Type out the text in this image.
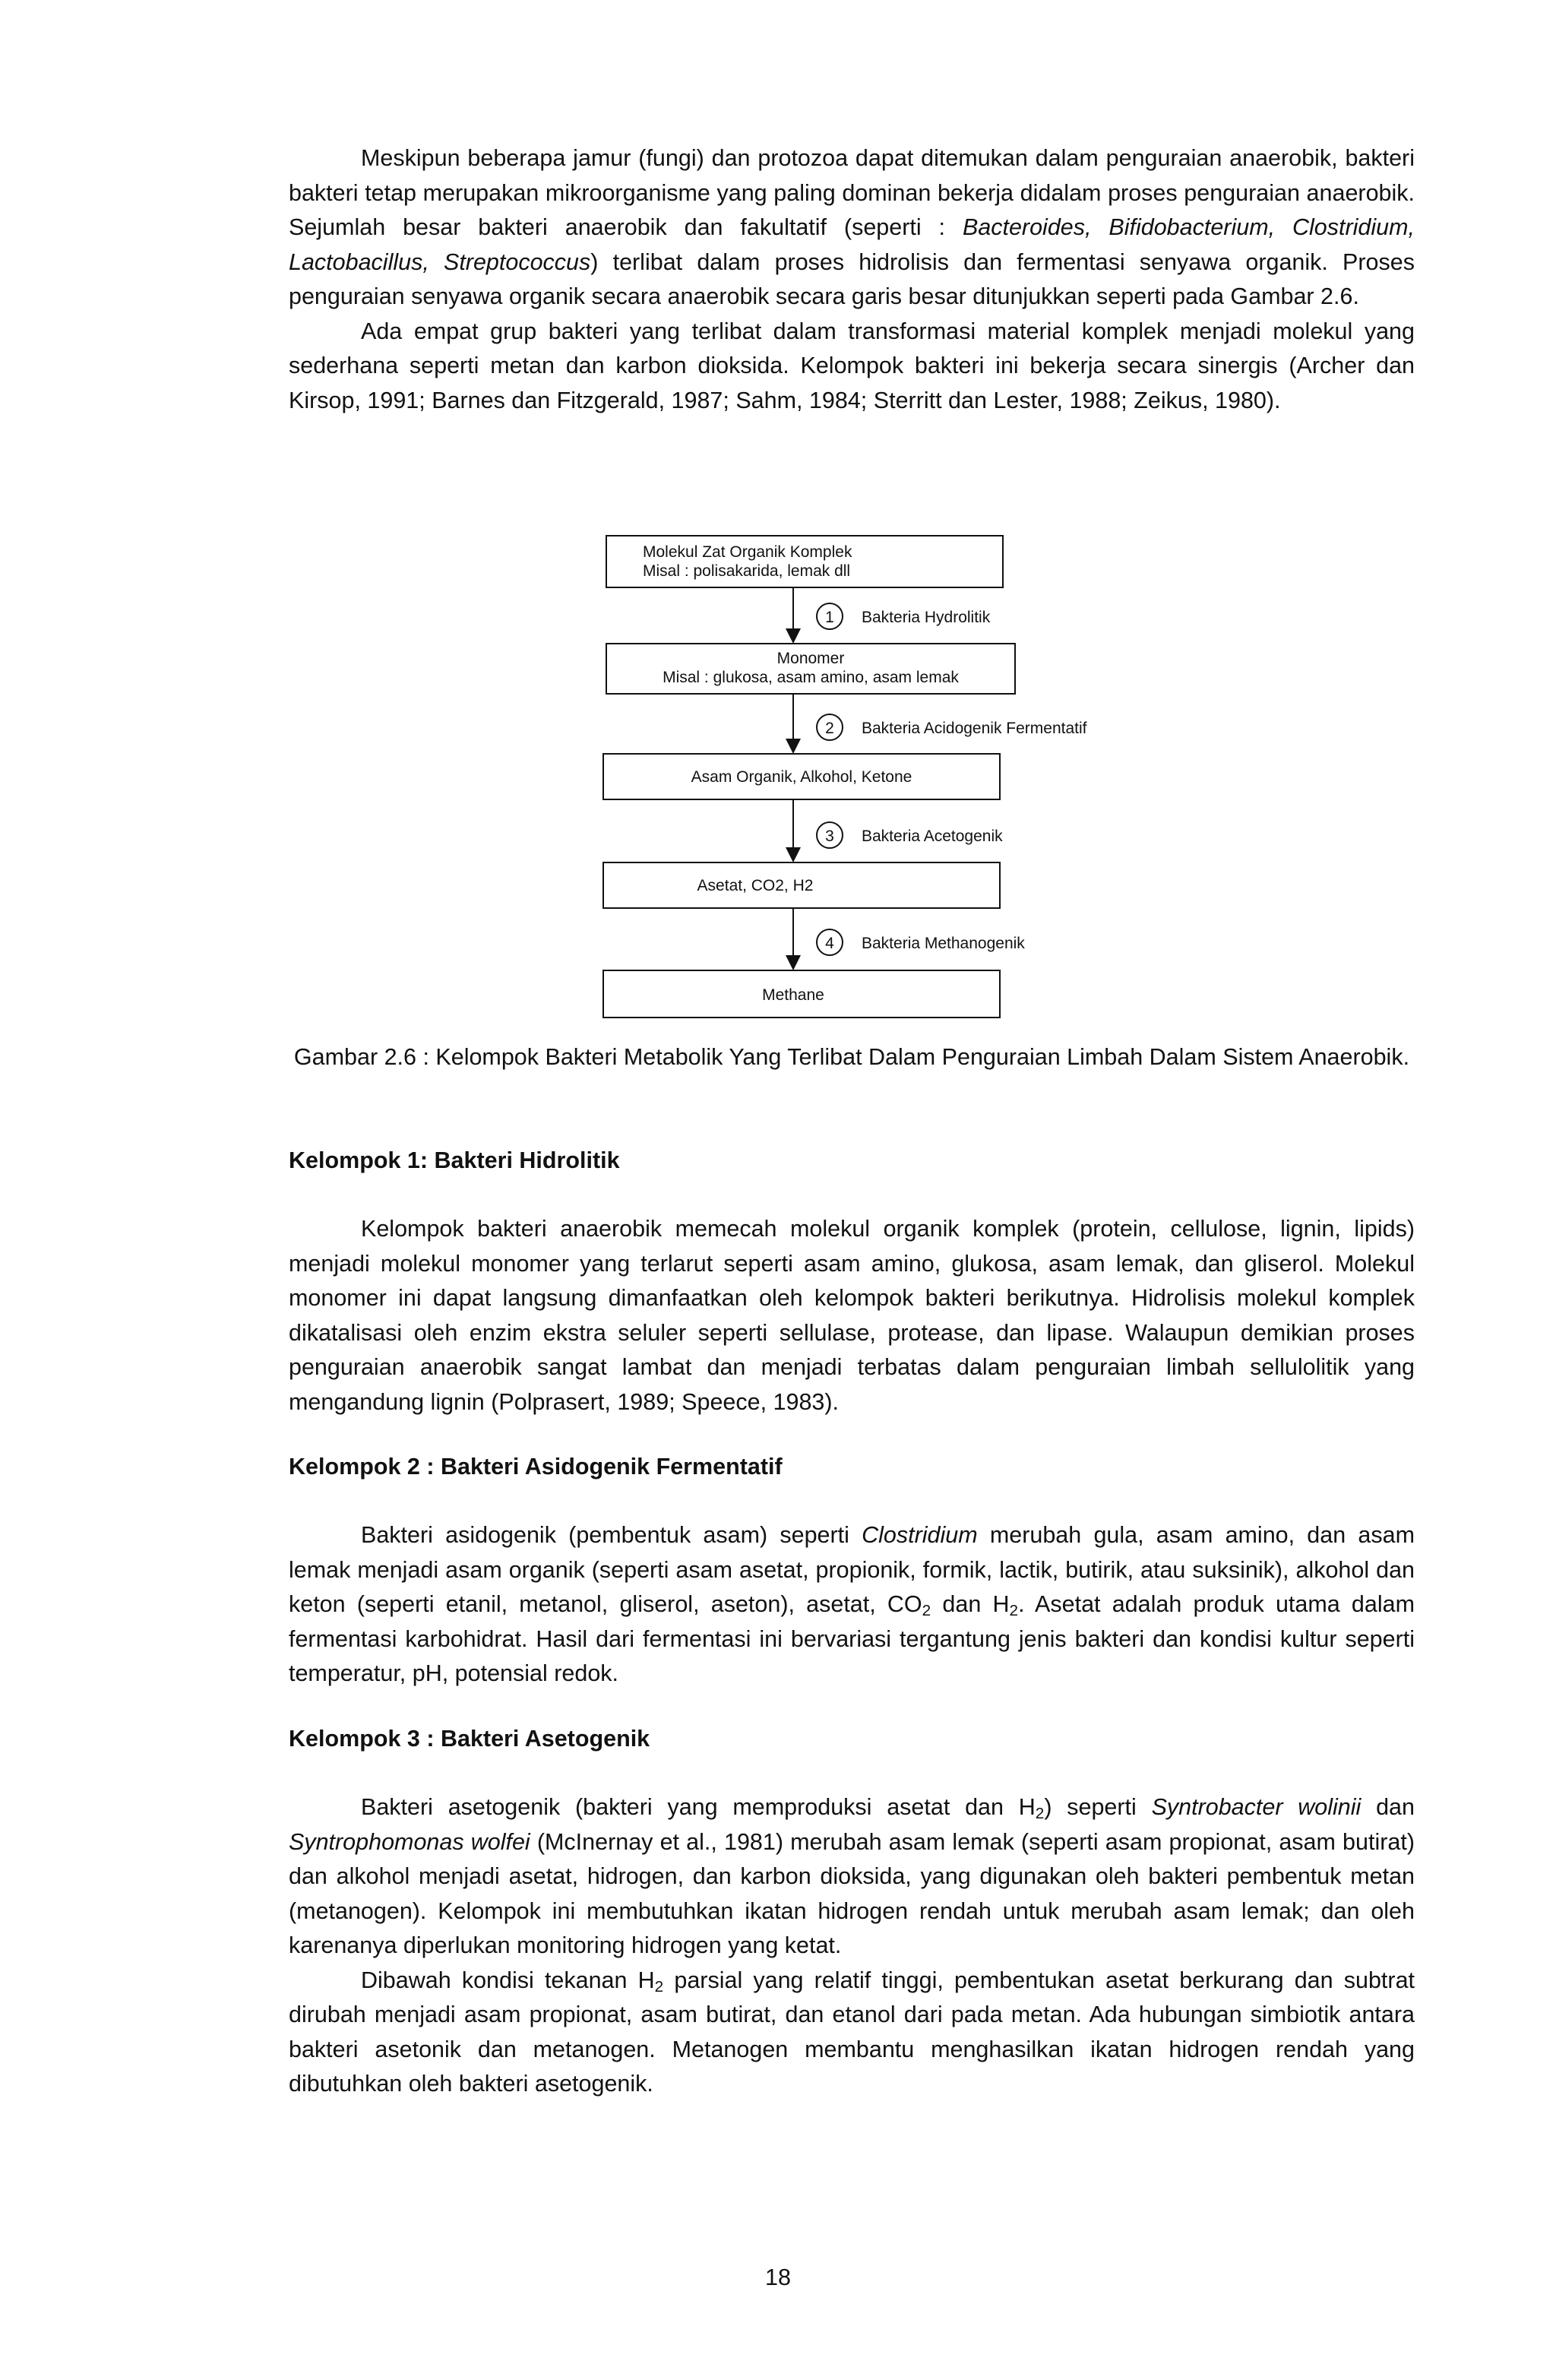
Meskipun beberapa jamur (fungi) dan protozoa dapat ditemukan dalam penguraian anaerobik, bakteri bakteri tetap merupakan mikroorganisme yang paling dominan bekerja didalam proses penguraian anaerobik. Sejumlah besar bakteri anaerobik dan fakultatif (seperti : Bacteroides, Bifidobacterium, Clostridium, Lactobacillus, Streptococcus) terlibat dalam proses hidrolisis dan fermentasi senyawa organik. Proses penguraian senyawa organik secara anaerobik secara garis besar ditunjukkan seperti pada Gambar 2.6.

Ada empat grup bakteri yang terlibat dalam transformasi material komplek menjadi molekul yang sederhana seperti metan dan karbon dioksida. Kelompok bakteri ini bekerja secara sinergis (Archer dan Kirsop, 1991; Barnes dan Fitzgerald, 1987; Sahm, 1984; Sterritt dan Lester, 1988; Zeikus, 1980).

Molekul Zat Organik Komplek
Misal : polisakarida, lemak dll
1 Bakteria Hydrolitik
Monomer
Misal : glukosa, asam amino, asam lemak
2 Bakteria Acidogenik Fermentatif
Asam Organik, Alkohol, Ketone
3 Bakteria Acetogenik
Asetat, CO2, H2
4 Bakteria Methanogenik
Methane
Gambar 2.6 : Kelompok Bakteri Metabolik Yang Terlibat Dalam Penguraian Limbah Dalam Sistem Anaerobik.

Kelompok 1: Bakteri Hidrolitik

Kelompok bakteri anaerobik memecah molekul organik komplek (protein, cellulose, lignin, lipids) menjadi molekul monomer yang terlarut seperti asam amino, glukosa, asam lemak, dan gliserol. Molekul monomer ini dapat langsung dimanfaatkan oleh kelompok bakteri berikutnya. Hidrolisis molekul komplek dikatalisasi oleh enzim ekstra seluler seperti sellulase, protease, dan lipase. Walaupun demikian proses penguraian anaerobik sangat lambat dan menjadi terbatas dalam penguraian limbah sellulolitik yang mengandung lignin (Polprasert, 1989; Speece, 1983).

Kelompok 2 : Bakteri Asidogenik Fermentatif

Bakteri asidogenik (pembentuk asam) seperti Clostridium merubah gula, asam amino, dan asam lemak menjadi asam organik (seperti asam asetat, propionik, formik, lactik, butirik, atau suksinik), alkohol dan keton (seperti etanil, metanol, gliserol, aseton), asetat, $CO_2$ dan $H_2$. Asetat adalah produk utama dalam fermentasi karbohidrat. Hasil dari fermentasi ini bervariasi tergantung jenis bakteri dan kondisi kultur seperti temperatur, pH, potensial redok.

Kelompok 3 : Bakteri Asetogenik

Bakteri asetogenik (bakteri yang memproduksi asetat dan $H_2$) seperti Syntrobacter wolinii dan Syntrophomonas wolfei (McInernay et al., 1981) merubah asam lemak (seperti asam propionat, asam butirat) dan alkohol menjadi asetat, hidrogen, dan karbon dioksida, yang digunakan oleh bakteri pembentuk metan (metanogen). Kelompok ini membutuhkan ikatan hidrogen rendah untuk merubah asam lemak; dan oleh karenanya diperlukan monitoring hidrogen yang ketat.

Dibawah kondisi tekanan $H_2$ parsial yang relatif tinggi, pembentukan asetat berkurang dan subtrat dirubah menjadi asam propionat, asam butirat, dan etanol dari pada metan. Ada hubungan simbiotik antara bakteri asetonik dan metanogen. Metanogen membantu menghasilkan ikatan hidrogen rendah yang dibutuhkan oleh bakteri asetogenik.

18
